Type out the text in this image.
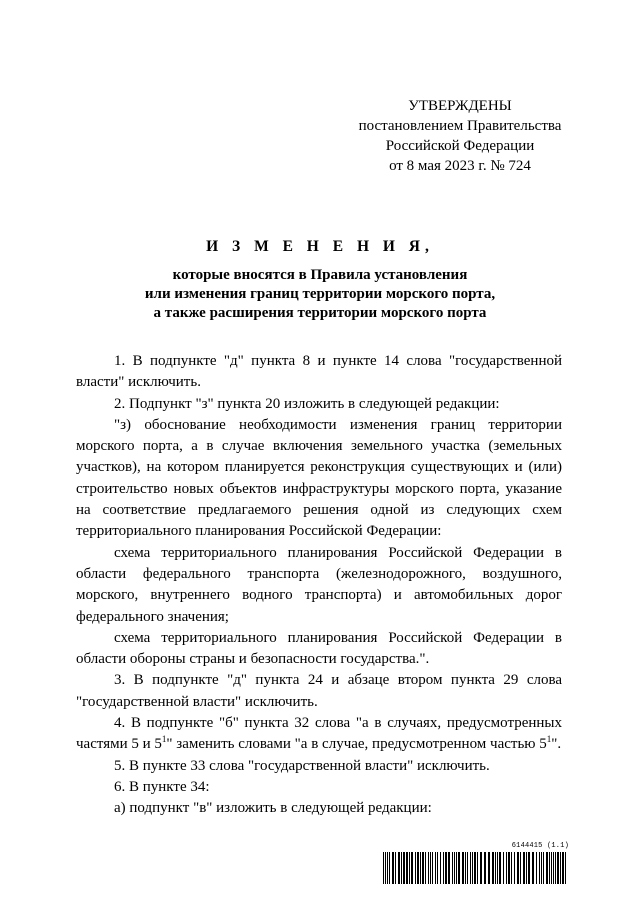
УТВЕРЖДЕНЫ
постановлением Правительства
Российской Федерации
от 8 мая 2023 г. № 724
И З М Е Н Е Н И Я,
которые вносятся в Правила установления
или изменения границ территории морского порта,
а также расширения территории морского порта
1. В подпункте "д" пункта 8 и пункте 14 слова "государственной
власти" исключить.
2. Подпункт "з" пункта 20 изложить в следующей редакции:
"з) обоснование необходимости изменения границ территории морского порта, а в случае включения земельного участка (земельных участков), на котором планируется реконструкция существующих и (или) строительство новых объектов инфраструктуры морского порта, указание на соответствие предлагаемого решения одной из следующих схем территориального планирования Российской Федерации:
схема территориального планирования Российской Федерации в области федерального транспорта (железнодорожного, воздушного, морского, внутреннего водного транспорта) и автомобильных дорог федерального значения;
схема территориального планирования Российской Федерации в области обороны страны и безопасности государства.".
3. В подпункте "д" пункта 24 и абзаце втором пункта 29 слова "государственной власти" исключить.
4. В подпункте "б" пункта 32 слова "а в случаях, предусмотренных частями 5 и $5^1$" заменить словами "а в случае, предусмотренном частью $5^1$".
5. В пункте 33 слова "государственной власти" исключить.
6. В пункте 34:
а) подпункт "в" изложить в следующей редакции:
6144415 (1.1)
